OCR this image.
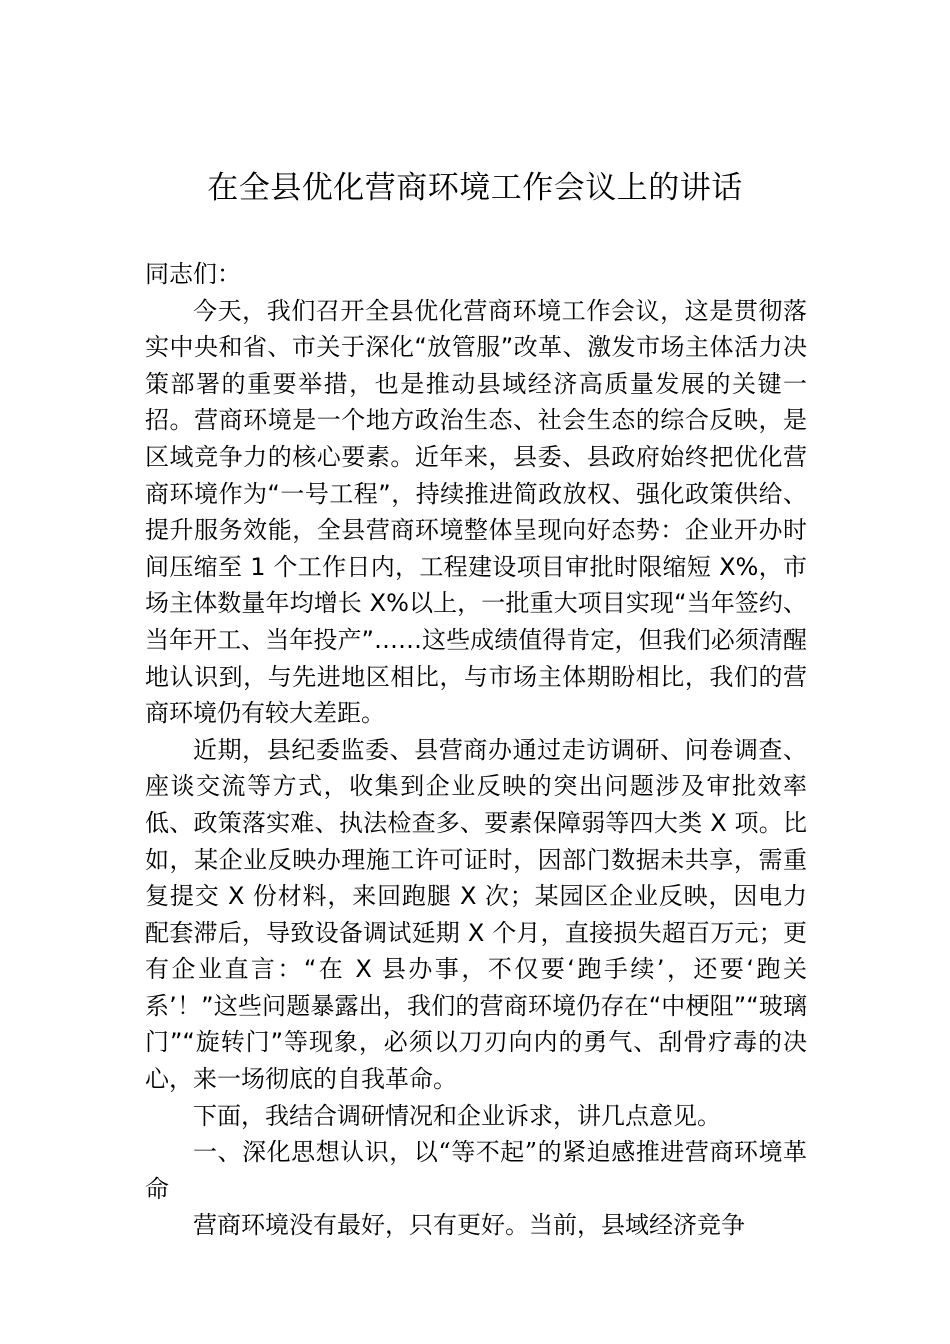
在全县优化营商环境工作会议上的讲话

同志们：

今天，我们召开全县优化营商环境工作会议，这是贯彻落实中央和省、市关于深化“放管服”改革、激发市场主体活力决策部署的重要举措，也是推动县域经济高质量发展的关键一招。营商环境是一个地方政治生态、社会生态的综合反映，是区域竞争力的核心要素。近年来，县委、县政府始终把优化营商环境作为“一号工程”，持续推进简政放权、强化政策供给、提升服务效能，全县营商环境整体呈现向好态势：企业开办时间压缩至 1 个工作日内，工程建设项目审批时限缩短 X%，市场主体数量年均增长 X%以上，一批重大项目实现“当年签约、当年开工、当年投产”……这些成绩值得肯定，但我们必须清醒地认识到，与先进地区相比，与市场主体期盼相比，我们的营商环境仍有较大差距。

近期，县纪委监委、县营商办通过走访调研、问卷调查、座谈交流等方式，收集到企业反映的突出问题涉及审批效率低、政策落实难、执法检查多、要素保障弱等四大类 X 项。比如，某企业反映办理施工许可证时，因部门数据未共享，需重复提交 X 份材料，来回跑腿 X 次；某园区企业反映，因电力配套滞后，导致设备调试延期 X 个月，直接损失超百万元；更有企业直言：“在 X 县办事，不仅要‘跑手续’，还要‘跑关系’！”这些问题暴露出，我们的营商环境仍存在“中梗阻”“玻璃门”“旋转门”等现象，必须以刀刃向内的勇气、刮骨疗毒的决心，来一场彻底的自我革命。

下面，我结合调研情况和企业诉求，讲几点意见。

一、深化思想认识，以“等不起”的紧迫感推进营商环境革命

营商环境没有最好，只有更好。当前，县域经济竞争
